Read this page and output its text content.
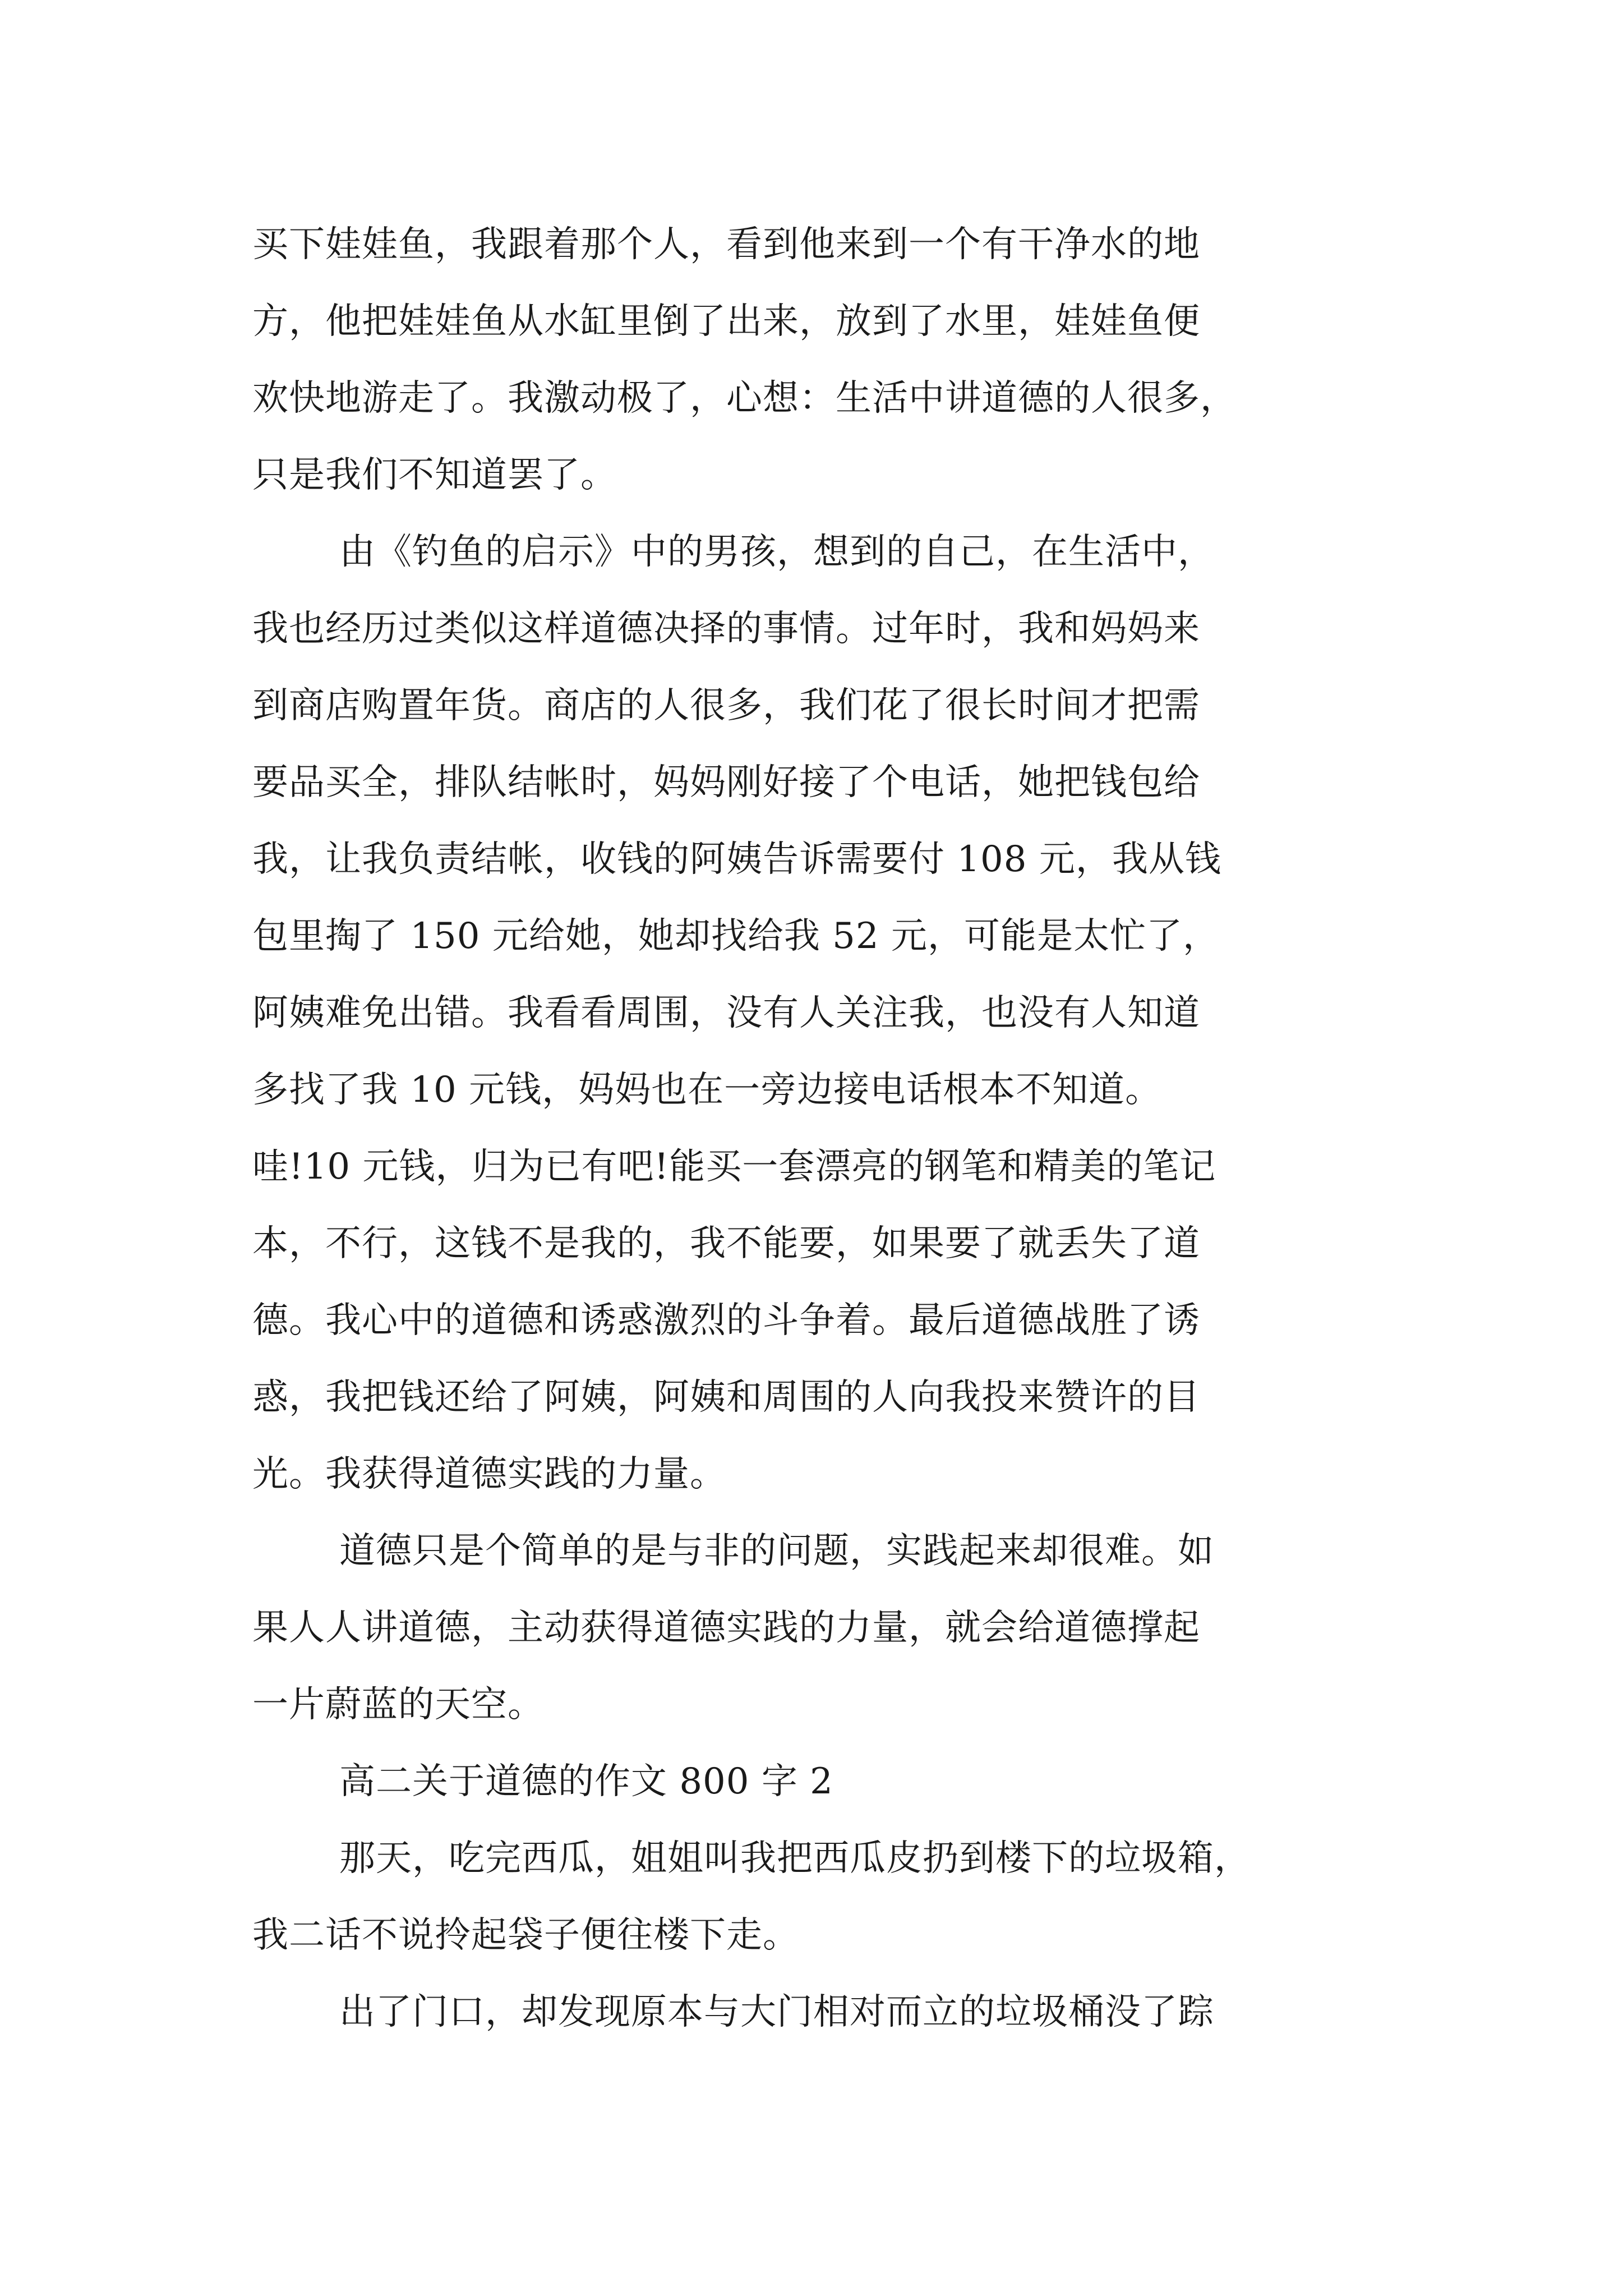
买下娃娃鱼，我跟着那个人，看到他来到一个有干净水的地
方，他把娃娃鱼从水缸里倒了出来，放到了水里，娃娃鱼便
欢快地游走了。我激动极了，心想：生活中讲道德的人很多，
只是我们不知道罢了。
由《钓鱼的启示》中的男孩，想到的自己，在生活中，
我也经历过类似这样道德决择的事情。过年时，我和妈妈来
到商店购置年货。商店的人很多，我们花了很长时间才把需
要品买全，排队结帐时，妈妈刚好接了个电话，她把钱包给
我，让我负责结帐，收钱的阿姨告诉需要付 108 元，我从钱
包里掏了 150 元给她，她却找给我 52 元，可能是太忙了，
阿姨难免出错。我看看周围，没有人关注我，也没有人知道
多找了我 10 元钱，妈妈也在一旁边接电话根本不知道。
哇!10 元钱，归为已有吧!能买一套漂亮的钢笔和精美的笔记
本，不行，这钱不是我的，我不能要，如果要了就丢失了道
德。我心中的道德和诱惑激烈的斗争着。最后道德战胜了诱
惑，我把钱还给了阿姨，阿姨和周围的人向我投来赞许的目
光。我获得道德实践的力量。
道德只是个简单的是与非的问题，实践起来却很难。如
果人人讲道德，主动获得道德实践的力量，就会给道德撑起
一片蔚蓝的天空。
高二关于道德的作文 800 字 2
那天，吃完西瓜，姐姐叫我把西瓜皮扔到楼下的垃圾箱，
我二话不说拎起袋子便往楼下走。
出了门口，却发现原本与大门相对而立的垃圾桶没了踪
